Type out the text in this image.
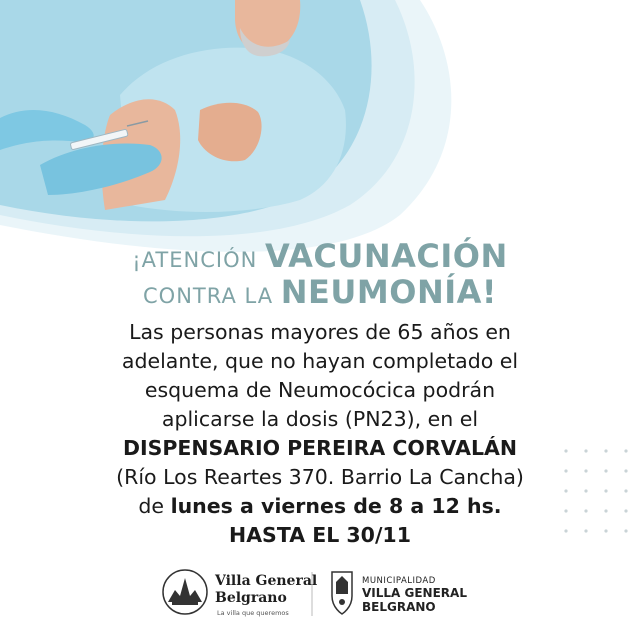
¡ATENCIÓN VACUNACIÓN
CONTRA LA NEUMONÍA!
Las personas mayores de 65 años en
adelante, que no hayan completado el
esquema de Neumocócica podrán
aplicarse la dosis (PN23), en el
DISPENSARIO PEREIRA CORVALÁN
(Río Los Reartes 370. Barrio La Cancha)
de lunes a viernes de 8 a 12 hs.
HASTA EL 30/11
Villa General
Belgrano
La villa que queremos
MUNICIPALIDAD
VILLA GENERAL
BELGRANO
